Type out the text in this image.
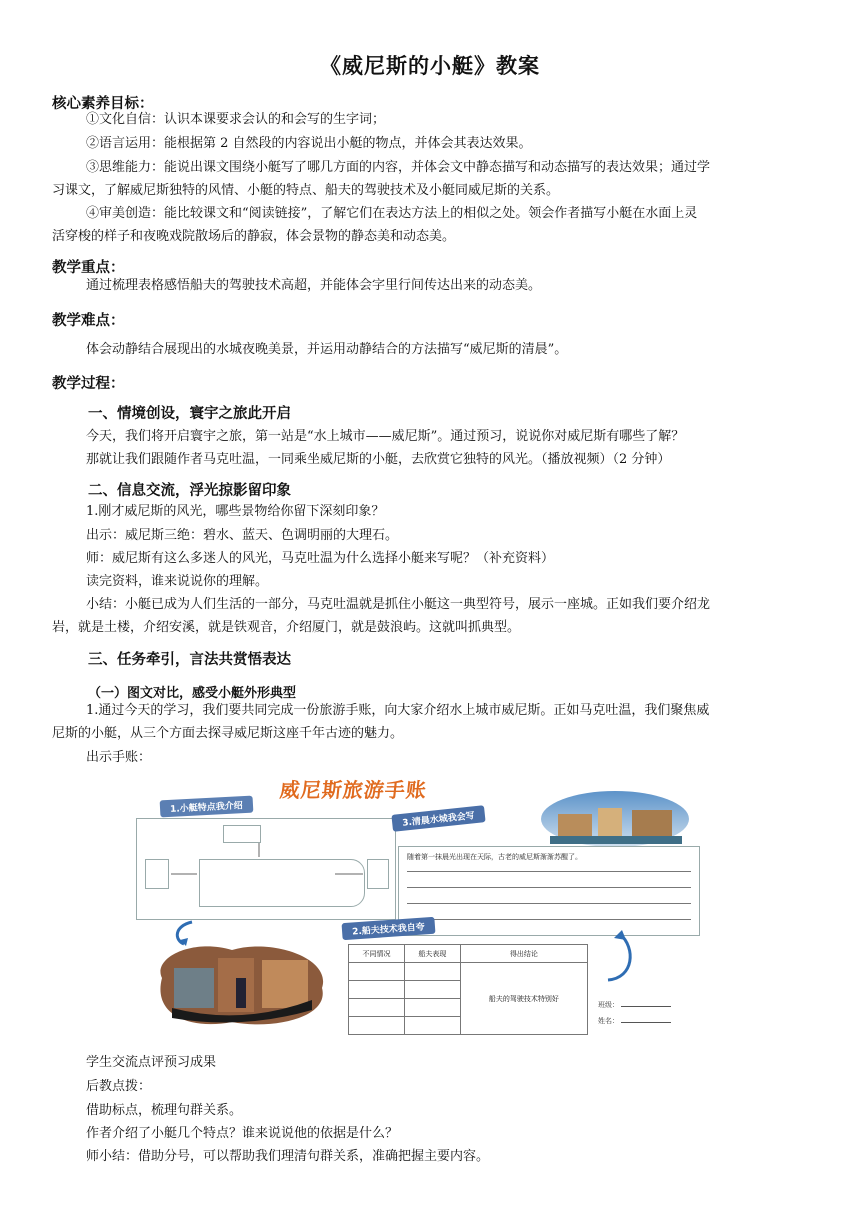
《威尼斯的小艇》教案
核心素养目标：
①文化自信：认识本课要求会认的和会写的生字词；
②语言运用：能根据第 2 自然段的内容说出小艇的物点，并体会其表达效果。
③思维能力：能说出课文围绕小艇写了哪几方面的内容，并体会文中静态描写和动态描写的表达效果；通过学
习课文，了解威尼斯独特的风情、小艇的特点、船夫的驾驶技术及小艇同威尼斯的关系。
④审美创造：能比较课文和“阅读链接”，了解它们在表达方法上的相似之处。领会作者描写小艇在水面上灵
活穿梭的样子和夜晚戏院散场后的静寂，体会景物的静态美和动态美。
教学重点：
通过梳理表格感悟船夫的驾驶技术高超，并能体会字里行间传达出来的动态美。
教学难点：
体会动静结合展现出的水城夜晚美景，并运用动静结合的方法描写“威尼斯的清晨”。
教学过程：
一、情境创设，寰宇之旅此开启
今天，我们将开启寰宇之旅，第一站是“水上城市——威尼斯”。通过预习，说说你对威尼斯有哪些了解？
那就让我们跟随作者马克吐温，一同乘坐威尼斯的小艇，去欣赏它独特的风光。（播放视频）（2 分钟）
二、信息交流，浮光掠影留印象
1.刚才威尼斯的风光，哪些景物给你留下深刻印象？
出示：威尼斯三绝：碧水、蓝天、色调明丽的大理石。
师：威尼斯有这么多迷人的风光，马克吐温为什么选择小艇来写呢？（补充资料）
读完资料，谁来说说你的理解。
小结：小艇已成为人们生活的一部分，马克吐温就是抓住小艇这一典型符号，展示一座城。正如我们要介绍龙
岩，就是土楼，介绍安溪，就是铁观音，介绍厦门，就是鼓浪屿。这就叫抓典型。
三、任务牵引，言法共赏悟表达
（一）图文对比，感受小艇外形典型
1.通过今天的学习，我们要共同完成一份旅游手账，向大家介绍水上城市威尼斯。正如马克吐温，我们聚焦威
尼斯的小艇，从三个方面去探寻威尼斯这座千年古迹的魅力。
出示手账：
威尼斯旅游手账
1.小艇特点我介绍
3.清晨水城我会写
随着第一抹晨光出现在天际，古老的威尼斯渐渐苏醒了。
2.船夫技术我自夸
不同情况	船夫表现	得出结论
		船夫的驾驶技术特别好

班级：
姓名：
学生交流点评预习成果
后教点拨：
借助标点，梳理句群关系。
作者介绍了小艇几个特点？谁来说说他的依据是什么？
师小结：借助分号，可以帮助我们理清句群关系，准确把握主要内容。
